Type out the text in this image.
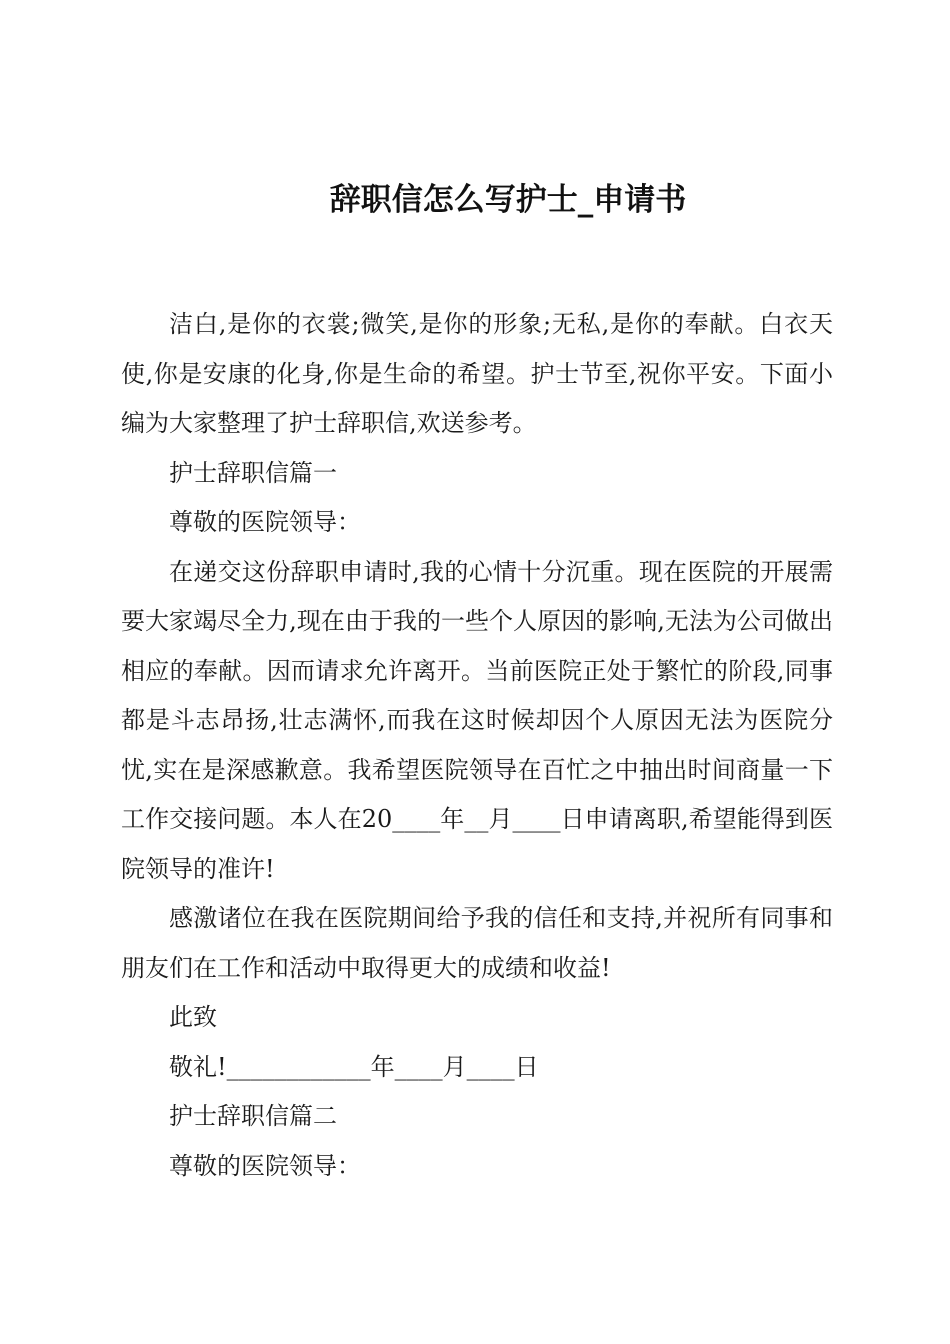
辞职信怎么写护士_申请书

洁白,是你的衣裳;微笑,是你的形象;无私,是你的奉献。白衣天使,你是安康的化身,你是生命的希望。护士节至,祝你平安。下面小编为大家整理了护士辞职信,欢送参考。

护士辞职信篇一

尊敬的医院领导：

在递交这份辞职申请时,我的心情十分沉重。现在医院的开展需要大家竭尽全力,现在由于我的一些个人原因的影响,无法为公司做出相应的奉献。因而请求允许离开。当前医院正处于繁忙的阶段,同事都是斗志昂扬,壮志满怀,而我在这时候却因个人原因无法为医院分忧,实在是深感歉意。我希望医院领导在百忙之中抽出时间商量一下工作交接问题。本人在20____年__月____日申请离职,希望能得到医院领导的准许!

感激诸位在我在医院期间给予我的信任和支持,并祝所有同事和朋友们在工作和活动中取得更大的成绩和收益!

此致

敬礼!____________年____月____日

护士辞职信篇二

尊敬的医院领导：
